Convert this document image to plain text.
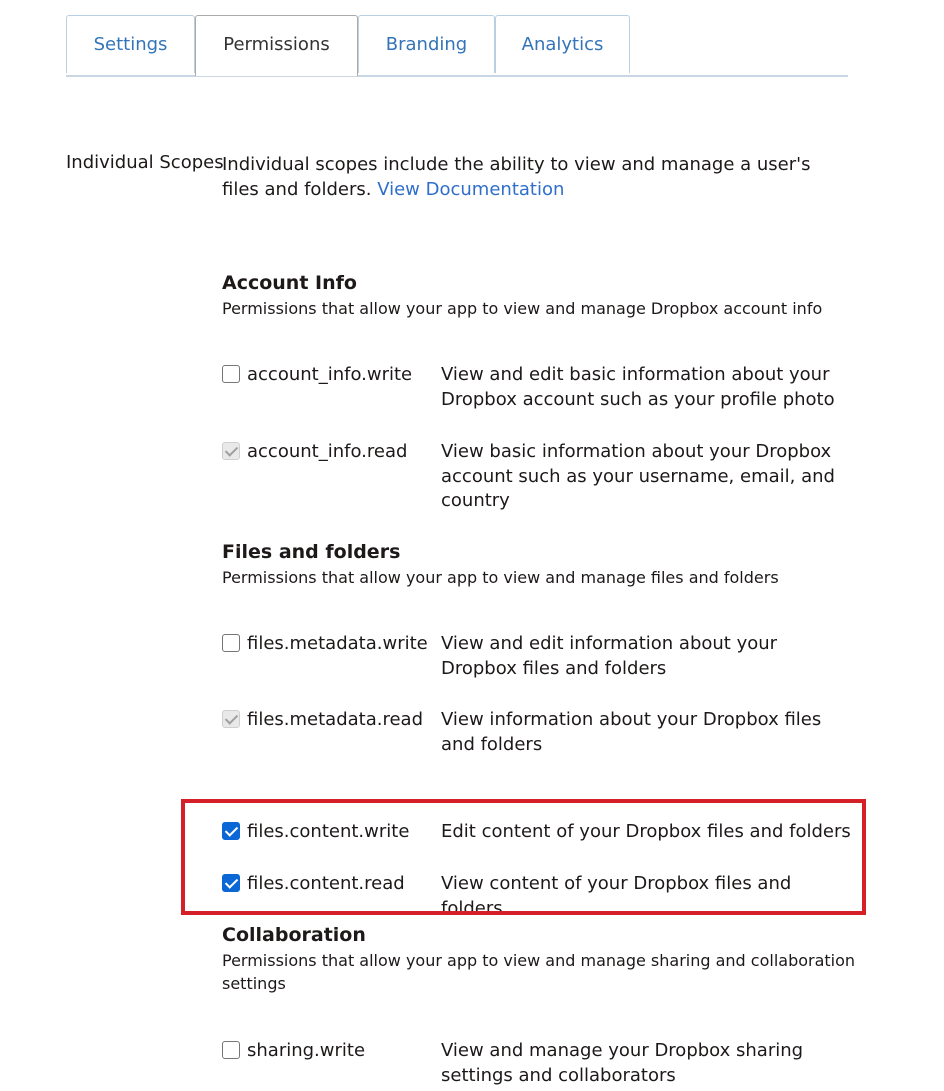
Settings	Permissions	Branding	Analytics
Individual Scopes
Individual scopes include the ability to view and manage a user's files and folders. View Documentation
Account Info
Permissions that allow your app to view and manage Dropbox account info
account_info.write View and edit basic information about your Dropbox account such as your profile photo
account_info.read View basic information about your Dropbox account such as your username, email, and country
Files and folders
Permissions that allow your app to view and manage files and folders
files.metadata.write View and edit information about your Dropbox files and folders
files.metadata.read View information about your Dropbox files and folders
files.content.write Edit content of your Dropbox files and folders
files.content.read View content of your Dropbox files and folders
Collaboration
Permissions that allow your app to view and manage sharing and collaboration settings
sharing.write	View and manage your Dropbox sharing settings and collaborators
